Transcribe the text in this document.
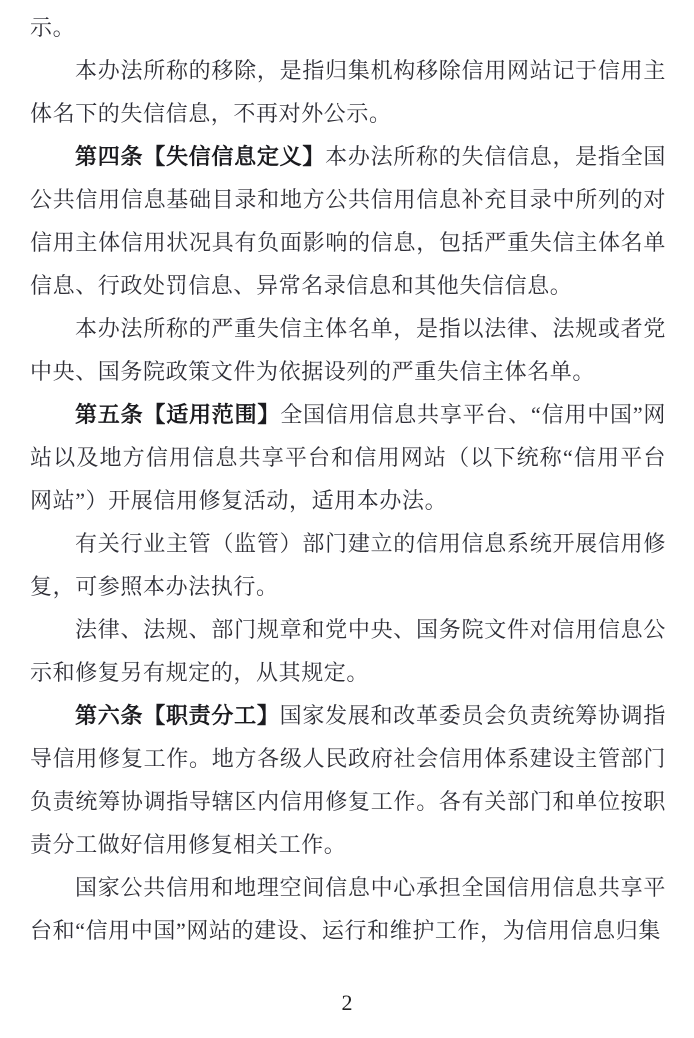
示。

本办法所称的移除，是指归集机构移除信用网站记于信用主体名下的失信信息，不再对外公示。

第四条【失信信息定义】本办法所称的失信信息，是指全国公共信用信息基础目录和地方公共信用信息补充目录中所列的对信用主体信用状况具有负面影响的信息，包括严重失信主体名单信息、行政处罚信息、异常名录信息和其他失信信息。

本办法所称的严重失信主体名单，是指以法律、法规或者党中央、国务院政策文件为依据设列的严重失信主体名单。

第五条【适用范围】全国信用信息共享平台、“信用中国”网站以及地方信用信息共享平台和信用网站（以下统称“信用平台网站”）开展信用修复活动，适用本办法。

有关行业主管（监管）部门建立的信用信息系统开展信用修复，可参照本办法执行。

法律、法规、部门规章和党中央、国务院文件对信用信息公示和修复另有规定的，从其规定。

第六条【职责分工】国家发展和改革委员会负责统筹协调指导信用修复工作。地方各级人民政府社会信用体系建设主管部门负责统筹协调指导辖区内信用修复工作。各有关部门和单位按职责分工做好信用修复相关工作。

国家公共信用和地理空间信息中心承担全国信用信息共享平台和“信用中国”网站的建设、运行和维护工作，为信用信息归集

2
